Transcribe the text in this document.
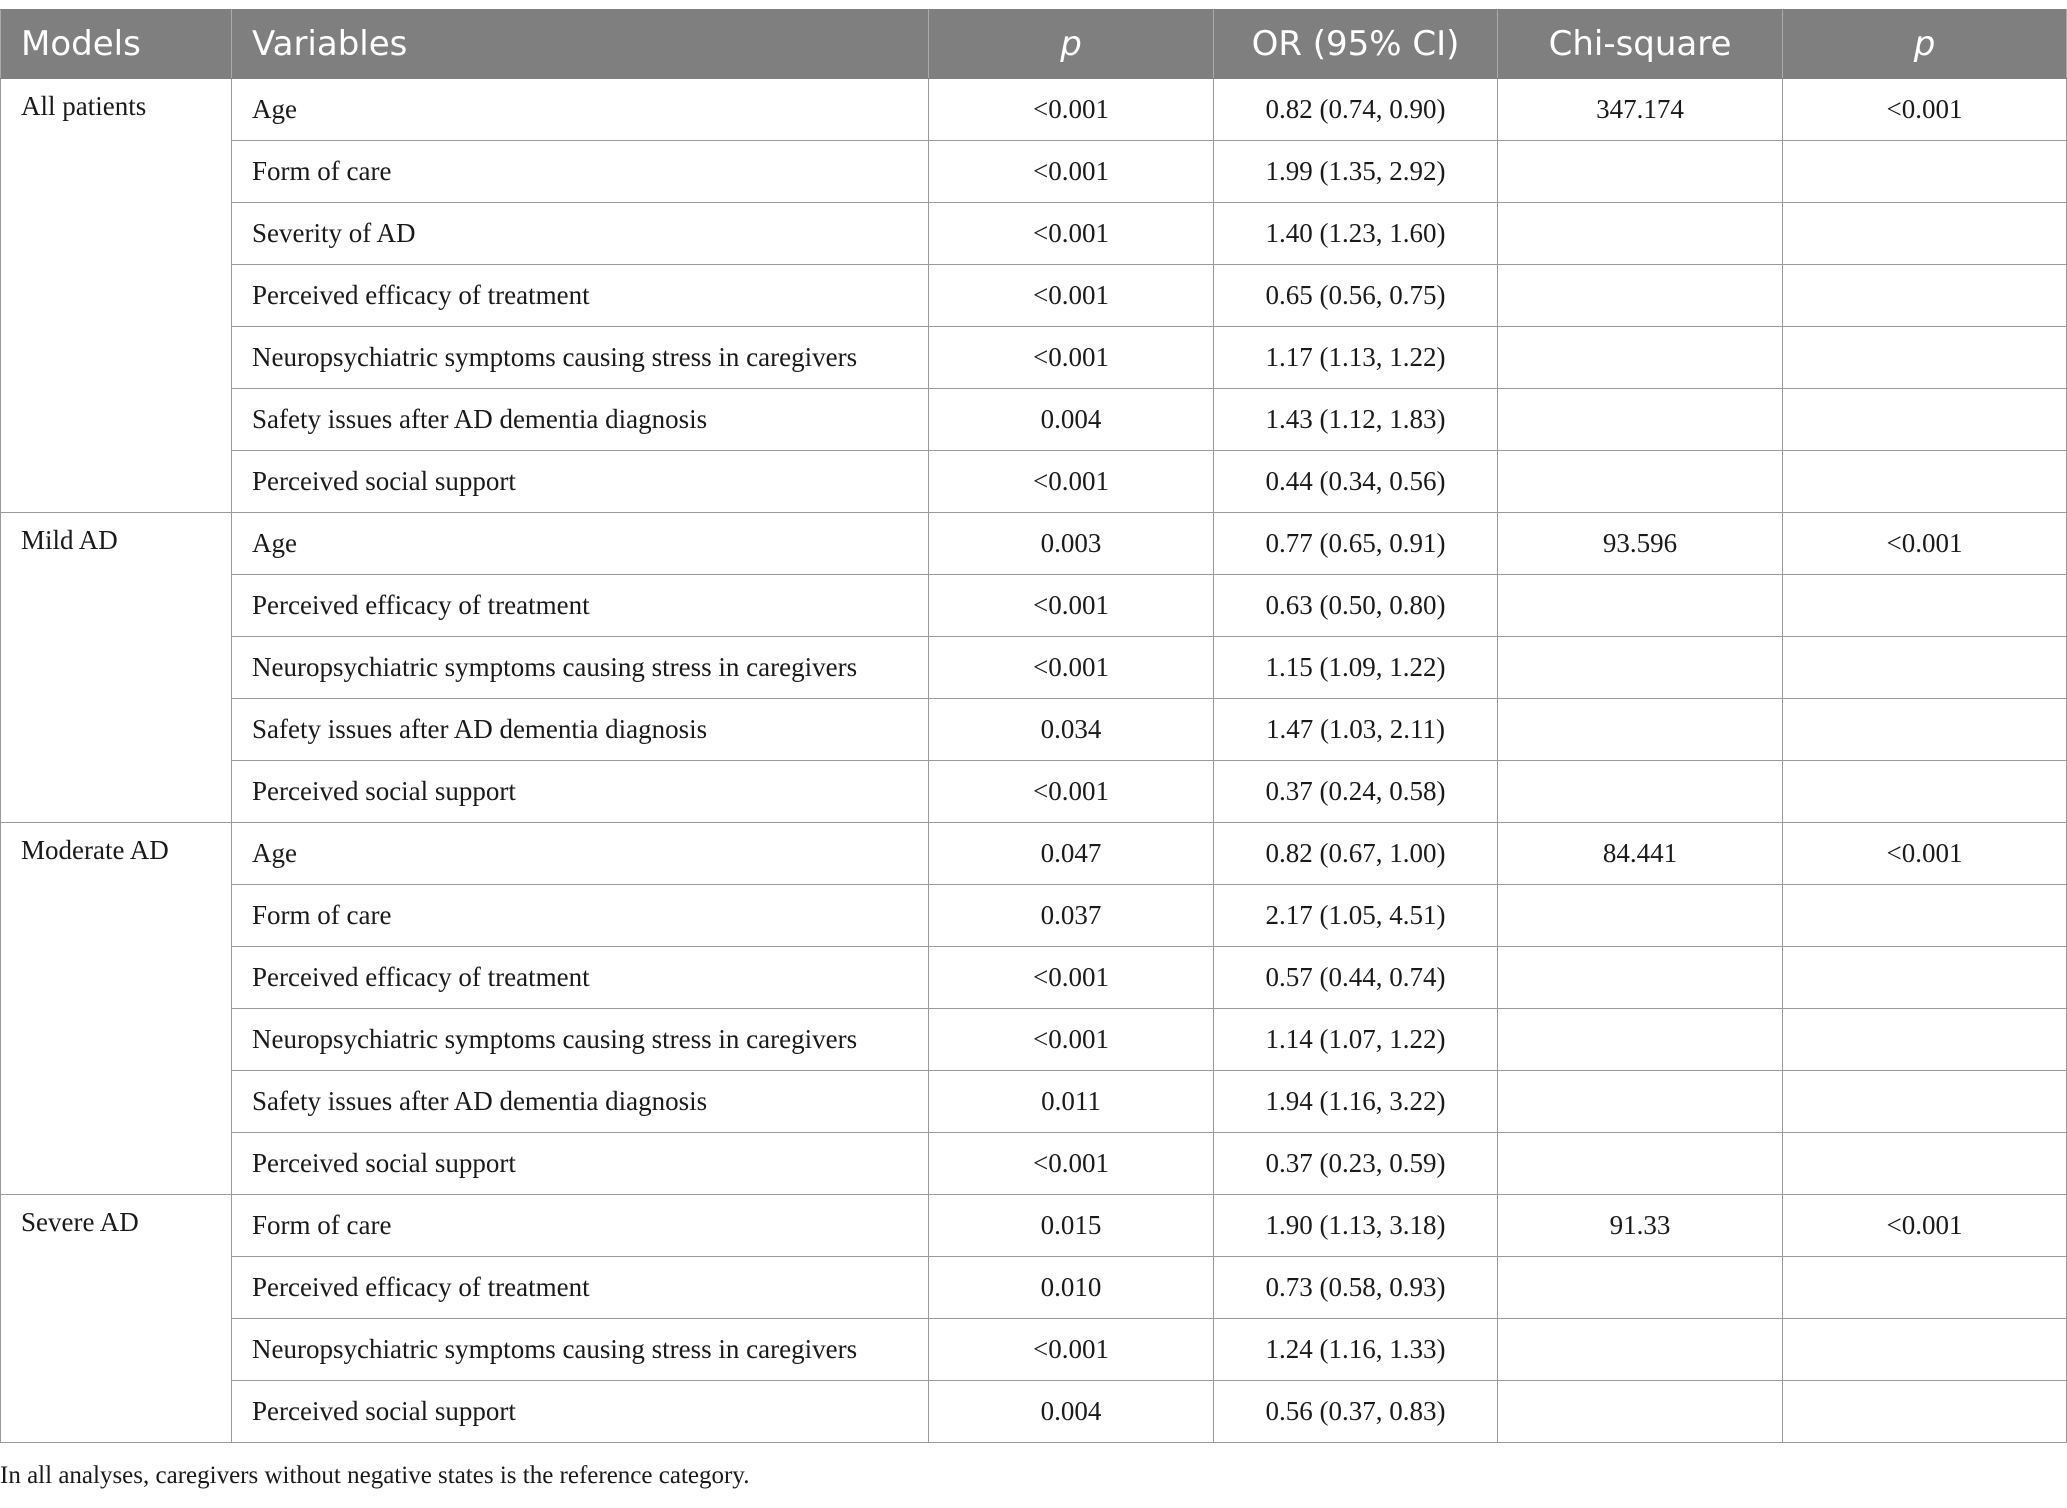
Models	Variables	p	OR (95% CI)	Chi-square	p
All patients	Age	<0.001	0.82 (0.74, 0.90)	347.174	<0.001
	Form of care	<0.001	1.99 (1.35, 2.92)		
	Severity of AD	<0.001	1.40 (1.23, 1.60)		
	Perceived efficacy of treatment	<0.001	0.65 (0.56, 0.75)		
	Neuropsychiatric symptoms causing stress in caregivers	<0.001	1.17 (1.13, 1.22)		
	Safety issues after AD dementia diagnosis	0.004	1.43 (1.12, 1.83)		
	Perceived social support	<0.001	0.44 (0.34, 0.56)		
Mild AD	Age	0.003	0.77 (0.65, 0.91)	93.596	<0.001
	Perceived efficacy of treatment	<0.001	0.63 (0.50, 0.80)		
	Neuropsychiatric symptoms causing stress in caregivers	<0.001	1.15 (1.09, 1.22)		
	Safety issues after AD dementia diagnosis	0.034	1.47 (1.03, 2.11)		
	Perceived social support	<0.001	0.37 (0.24, 0.58)		
Moderate AD	Age	0.047	0.82 (0.67, 1.00)	84.441	<0.001
	Form of care	0.037	2.17 (1.05, 4.51)		
	Perceived efficacy of treatment	<0.001	0.57 (0.44, 0.74)		
	Neuropsychiatric symptoms causing stress in caregivers	<0.001	1.14 (1.07, 1.22)		
	Safety issues after AD dementia diagnosis	0.011	1.94 (1.16, 3.22)		
	Perceived social support	<0.001	0.37 (0.23, 0.59)		
Severe AD	Form of care	0.015	1.90 (1.13, 3.18)	91.33	<0.001
	Perceived efficacy of treatment	0.010	0.73 (0.58, 0.93)		
	Neuropsychiatric symptoms causing stress in caregivers	<0.001	1.24 (1.16, 1.33)		
	Perceived social support	0.004	0.56 (0.37, 0.83)		
In all analyses, caregivers without negative states is the reference category.
